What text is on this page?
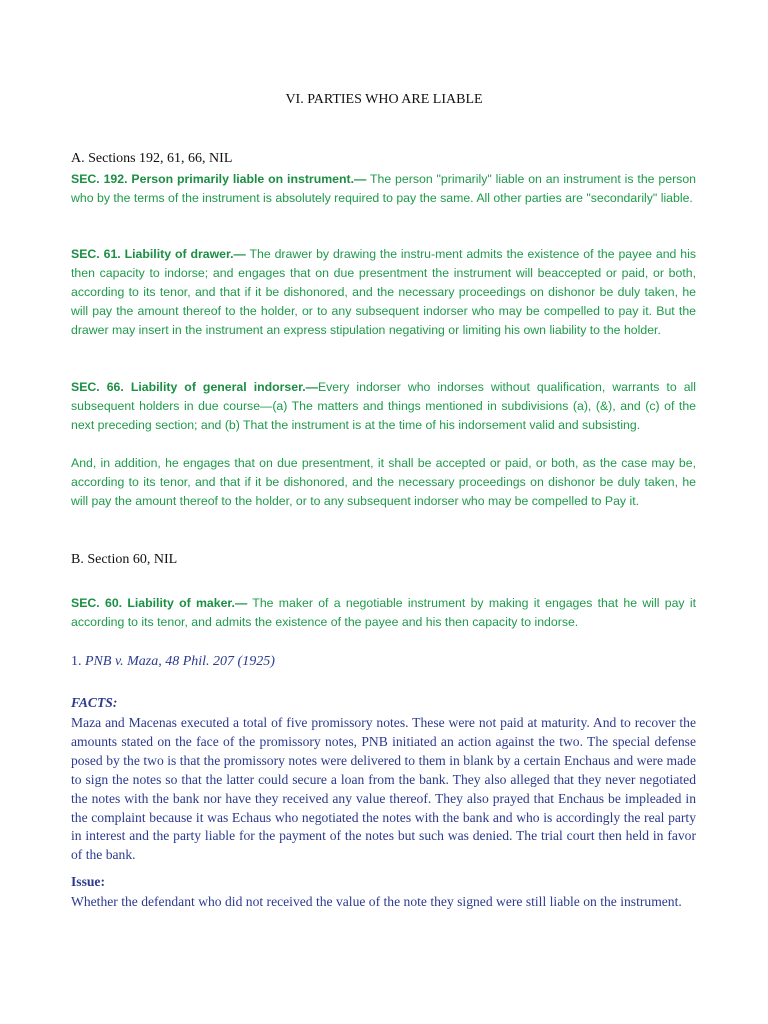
VI. PARTIES WHO ARE LIABLE
A. Sections 192, 61, 66, NIL

SEC. 192. Person primarily liable on instrument.— The person "primarily" liable on an instrument is the person who by the terms of the instrument is absolutely required to pay the same. All other parties are "secondarily" liable.

SEC. 61. Liability of drawer.— The drawer by drawing the instru-ment admits the existence of the payee and his then capacity to indorse; and engages that on due presentment the instrument will beaccepted or paid, or both, according to its tenor, and that if it be dishonored, and the necessary proceedings on dishonor be duly taken, he will pay the amount thereof to the holder, or to any subsequent indorser who may be compelled to pay it. But the drawer may insert in the instrument an express stipulation negativing or limiting his own liability to the holder.

SEC. 66. Liability of general indorser.—Every indorser who indorses without qualification, warrants to all subsequent holders in due course—(a) The matters and things mentioned in subdivisions (a), (&), and (c) of the next preceding section; and (b) That the instrument is at the time of his indorsement valid and subsisting.

And, in addition, he engages that on due presentment, it shall be accepted or paid, or both, as the case may be, according to its tenor, and that if it be dishonored, and the necessary proceedings on dishonor be duly taken, he will pay the amount thereof to the holder, or to any subsequent indorser who may be compelled to Pay it.

B. Section 60, NIL

SEC. 60. Liability of maker.— The maker of a negotiable instrument by making it engages that he will pay it according to its tenor, and admits the existence of the payee and his then capacity to indorse.

1. PNB v. Maza, 48 Phil. 207 (1925)
FACTS:

Maza and Macenas executed a total of five promissory notes. These were not paid at maturity. And to recover the amounts stated on the face of the promissory notes, PNB initiated an action against the two. The special defense posed by the two is that the promissory notes were delivered to them in blank by a certain Enchaus and were made to sign the notes so that the latter could secure a loan from the bank. They also alleged that they never negotiated the notes with the bank nor have they received any value thereof. They also prayed that Enchaus be impleaded in the complaint because it was Echaus who negotiated the notes with the bank and who is accordingly the real party in interest and the party liable for the payment of the notes but such was denied. The trial court then held in favor of the bank.

Issue:

Whether the defendant who did not received the value of the note they signed were still liable on the instrument.
